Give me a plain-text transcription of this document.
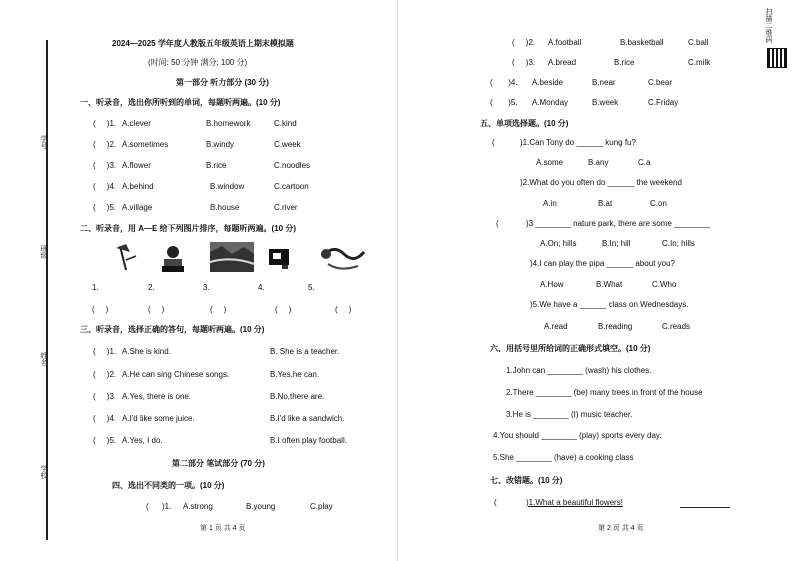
学号
班级
姓名
学校
2024—2025 学年度人教版五年级英语上期末模拟题
(时间: 50 分钟 满分: 100 分)
第一部分 听力部分 (30 分)
一、听录音，选出你所听到的单词，每题听两遍。(10 分)
(     )1. A.clever	B.homework	C.kind
(     )2. A.sometimes	B.windy	C.week
(     )3. A.flower	B.rice	C.noodles
(     )4. A.behind	B.window	C.cartoon
(     )5. A.village	B.house	C.river
二、听录音，用 A—E 给下列图片排序，每题听两遍。(10 分)
1.	2.	3.	4.	5.
(     )	(     )	(     )	(     )	(     )
三、听录音，选择正确的答句，每题听两遍。(10 分)
(     )1. A.She is kind.	B. She is a teacher.
(     )2. A.He can sing Chinese songs.	B.Yes,he can.
(     )3. A.Yes, there is one.	B.No,there are.
(     )4. A.I'd like some juice.	B.I'd like a sandwich.
(     )5. A.Yes, I do.	B.I often play football.
第二部分 笔试部分 (70 分)
四、选出不同类的一项。(10 分)
(      )1. A.strong	B.young	C.play
第 1 页 共 4 页
(     )2. A.football	B.basketball	C.ball
(     )3. A.bread	B.rice	C.milk
(       )4. A.beside	B.near	C.bear
(       )5. A.Monday	B.week	C.Friday
五、单项选择题。(10 分)
( )1.Can Tony do ______ kung fu?
A.some	B.any	C.a
)2.What do you often do ______ the weekend
A.in	B.at	C.on
( )3 ________ nature park, there are some ________
A.On; hills	B.In; hill	C.In; hills
)4.I can play the pipa ______ about you?
A.How	B.What	C.Who
)5.We have a ______ class on Wednesdays.
A.read	B.reading	C.reads
六、用括号里所给词的正确形式填空。(10 分)
1.John can ________ (wash) his clothes.
2.There ________ (be) many trees in front of the house
3.He is ________ (I) music teacher.
4.You should ________ (play) sports every day.
5.She ________ (have) a cooking class
七、改错题。(10 分)
( )1.What a beautiful flowers!
第 2 页 共 4 页
扫描二维码
